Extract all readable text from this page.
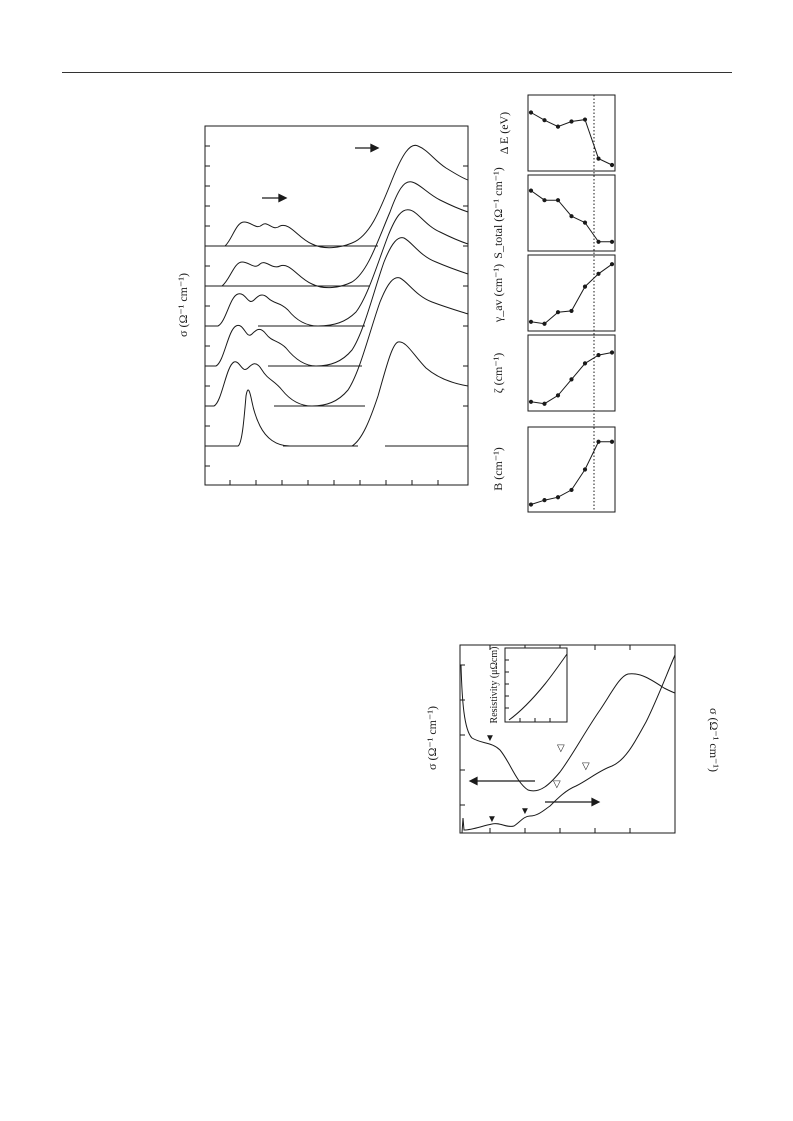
σ (Ω⁻¹ cm⁻¹)
Δ E (eV)
S_total (Ω⁻¹ cm⁻¹)
γ_av (cm⁻¹)
ζ (cm⁻¹)
B (cm⁻¹)
▼
▼
▼
▽
▽
▽
Resistivity (μΩcm)
σ (Ω⁻¹ cm⁻¹)	σ (Ω⁻¹ cm⁻¹)
